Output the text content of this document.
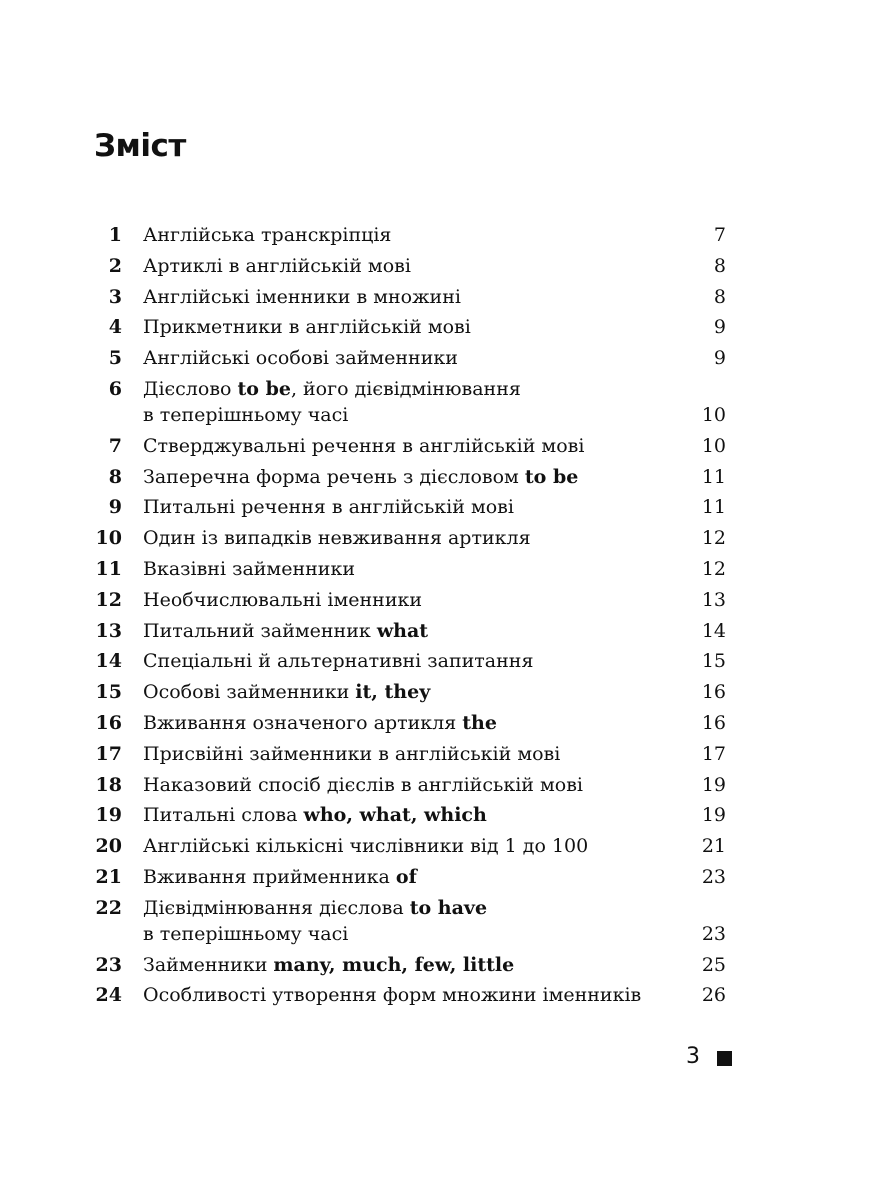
Зміст
1 Англійська транскріпція	7
2 Артиклі в англійській мові	8
3 Англійські іменники в множині	8
4 Прикметники в англійській мові	9
5 Англійські особові займенники	9
6 Дієслово to be, його дієвідмінювання
в теперішньому часі	10
7 Стверджувальні речення в англійській мові	10
8 Заперечна форма речень з дієсловом to be	11
9 Питальні речення в англійській мові	11
10 Один із випадків невживання артикля	12
11 Вказівні займенники	12
12 Необчислювальні іменники	13
13 Питальний займенник what	14
14 Спеціальні й альтернативні запитання	15
15 Особові займенники it, they	16
16 Вживання означеного артикля the	16
17 Присвійні займенники в англійській мові	17
18 Наказовий спосіб дієслів в англійській мові	19
19 Питальні слова who, what, which	19
20 Англійські кількісні числівники від 1 до 100	21
21 Вживання прийменника of	23
22 Дієвідмінювання дієслова to have
в теперішньому часі	23
23 Займенники many, much, few, little	25
24 Особливості утворення форм множини іменників	26
3
